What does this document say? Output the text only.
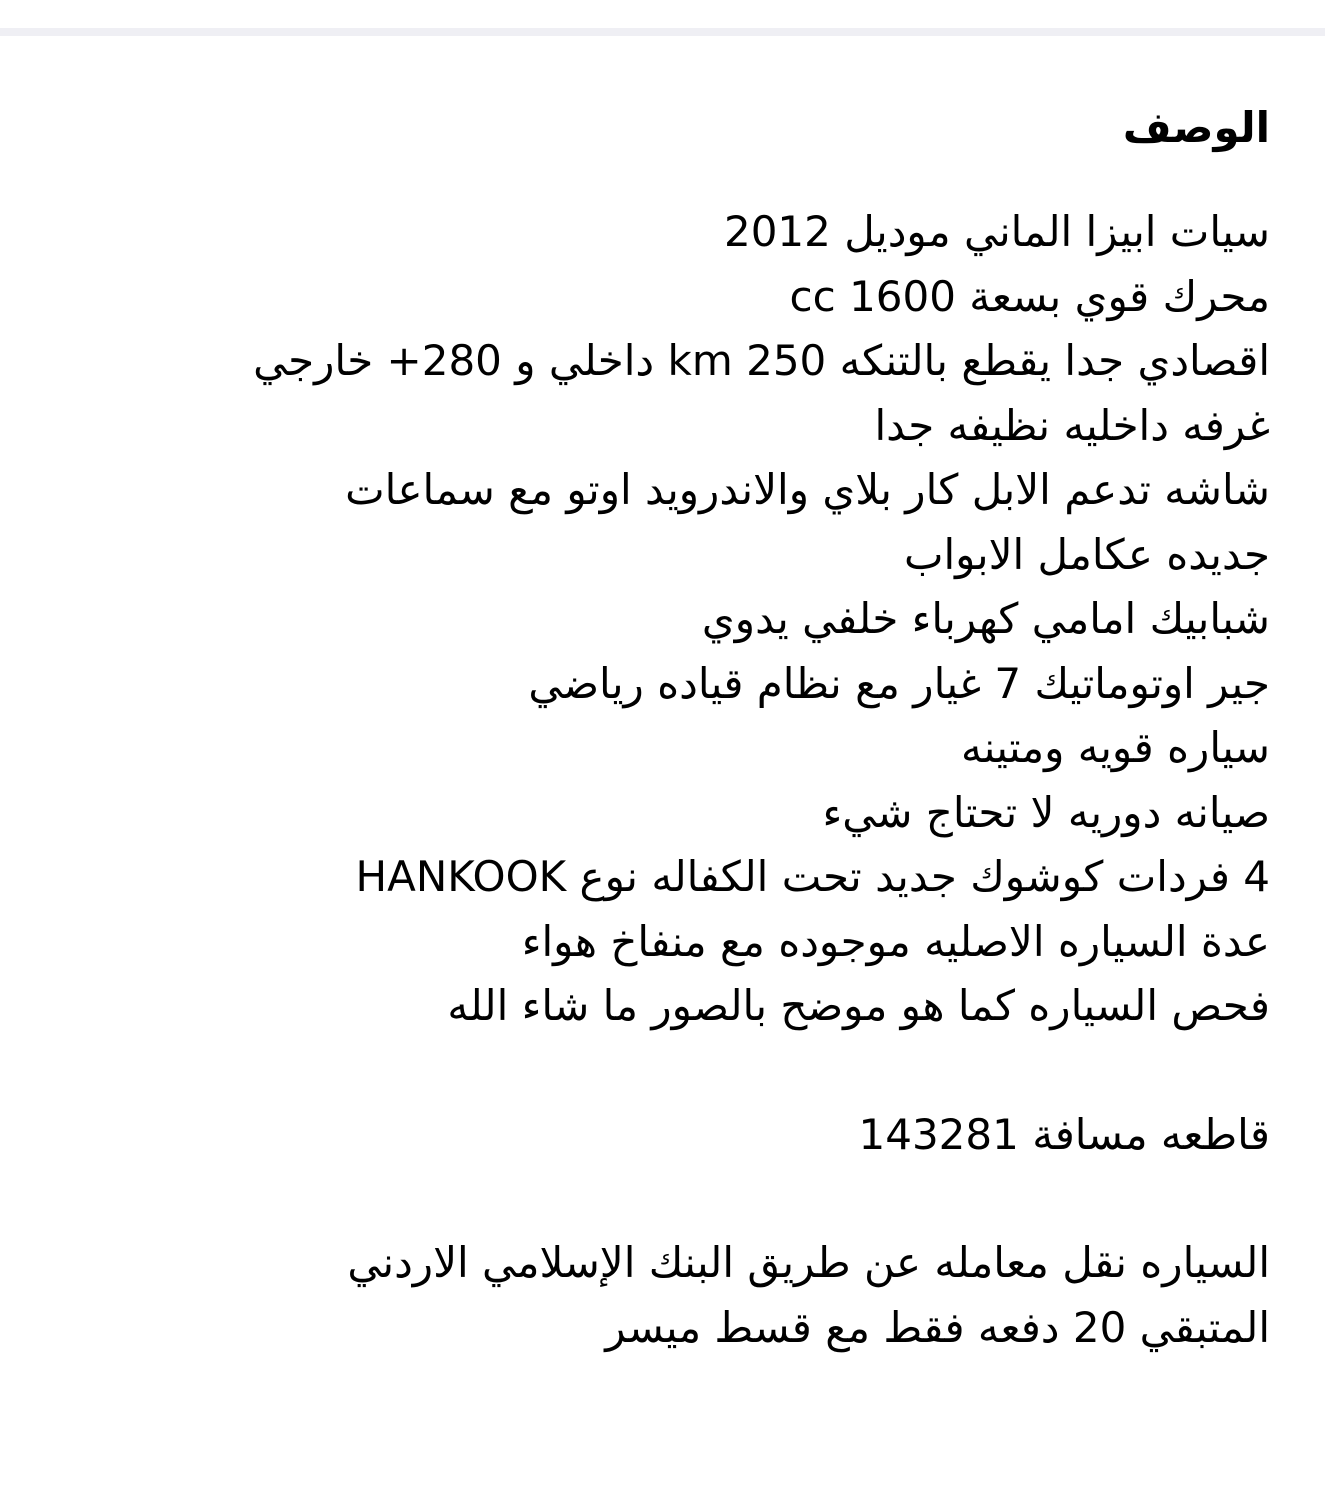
الوصف

سيات ابيزا الماني موديل 2012

محرك قوي بسعة 1600 cc

اقصادي جدا يقطع بالتنكه 250 km داخلي و 280+ خارجي

غرفه داخليه نظيفه جدا

شاشه تدعم الابل كار بلاي والاندرويد اوتو مع سماعات

جديده عكامل الابواب

شبابيك امامي كهرباء خلفي يدوي

جير اوتوماتيك 7 غيار مع نظام قياده رياضي

سياره قويه ومتينه

صيانه دوريه لا تحتاج شيء

4 فردات كوشوك جديد تحت الكفاله نوع HANKOOK

عدة السياره الاصليه موجوده مع منفاخ هواء

فحص السياره كما هو موضح بالصور ما شاء الله

قاطعه مسافة 143281

السياره نقل معامله عن طريق البنك الإسلامي الاردني

المتبقي 20 دفعه فقط مع قسط ميسر
